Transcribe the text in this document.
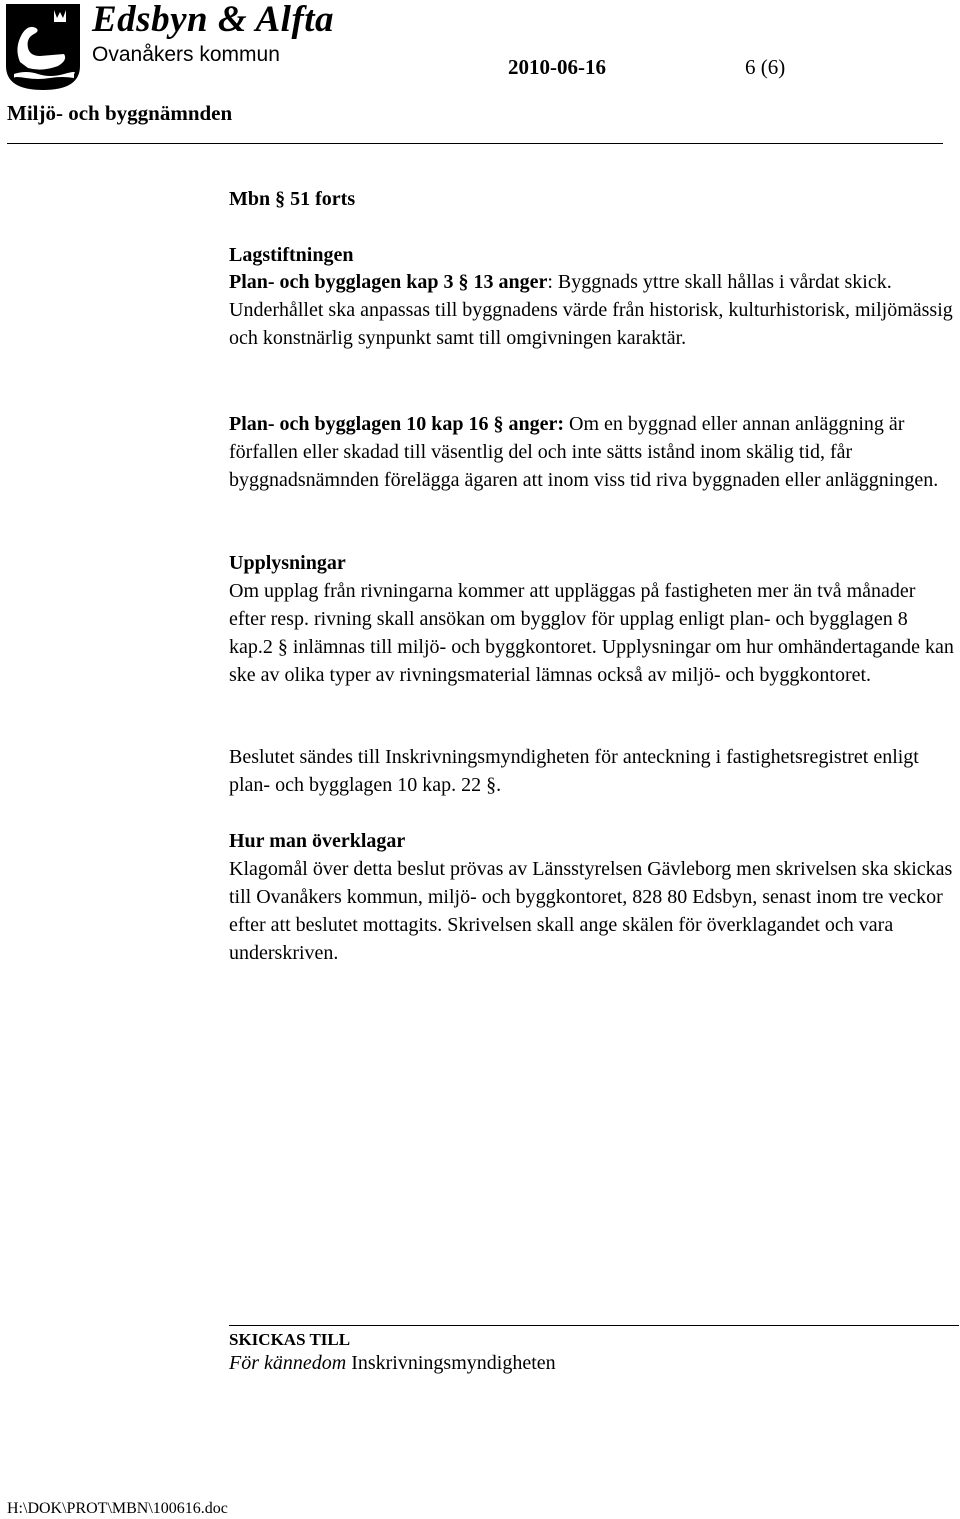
Edsbyn & Alfta
Ovanåkers kommun
2010-06-16	6 (6)
Miljö- och byggnämnden

Mbn § 51 forts

Lagstiftningen

Plan- och bygglagen kap 3 § 13 anger: Byggnads yttre skall hållas i vårdat skick. Underhållet ska anpassas till byggnadens värde från historisk, kulturhistorisk, miljömässig och konstnärlig synpunkt samt till omgivningen karaktär.

Plan- och bygglagen 10 kap 16 § anger: Om en byggnad eller annan anläggning är förfallen eller skadad till väsentlig del och inte sätts istånd inom skälig tid, får byggnadsnämnden förelägga ägaren att inom viss tid riva byggnaden eller anläggningen.

Upplysningar

Om upplag från rivningarna kommer att uppläggas på fastigheten mer än två månader efter resp. rivning skall ansökan om bygglov för upplag enligt plan- och bygglagen 8 kap.2 § inlämnas till miljö- och byggkontoret. Upplysningar om hur omhändertagande kan ske av olika typer av rivningsmaterial lämnas också av miljö- och byggkontoret.

Beslutet sändes till Inskrivningsmyndigheten för anteckning i fastighetsregistret enligt plan- och bygglagen 10 kap. 22 §.

Hur man överklagar

Klagomål över detta beslut prövas av Länsstyrelsen Gävleborg men skrivelsen ska skickas till Ovanåkers kommun, miljö- och byggkontoret, 828 80 Edsbyn, senast inom tre veckor efter att beslutet mottagits. Skrivelsen skall ange skälen för överklagandet och vara underskriven.

SKICKAS TILL
För kännedom Inskrivningsmyndigheten
H:\DOK\PROT\MBN\100616.doc
